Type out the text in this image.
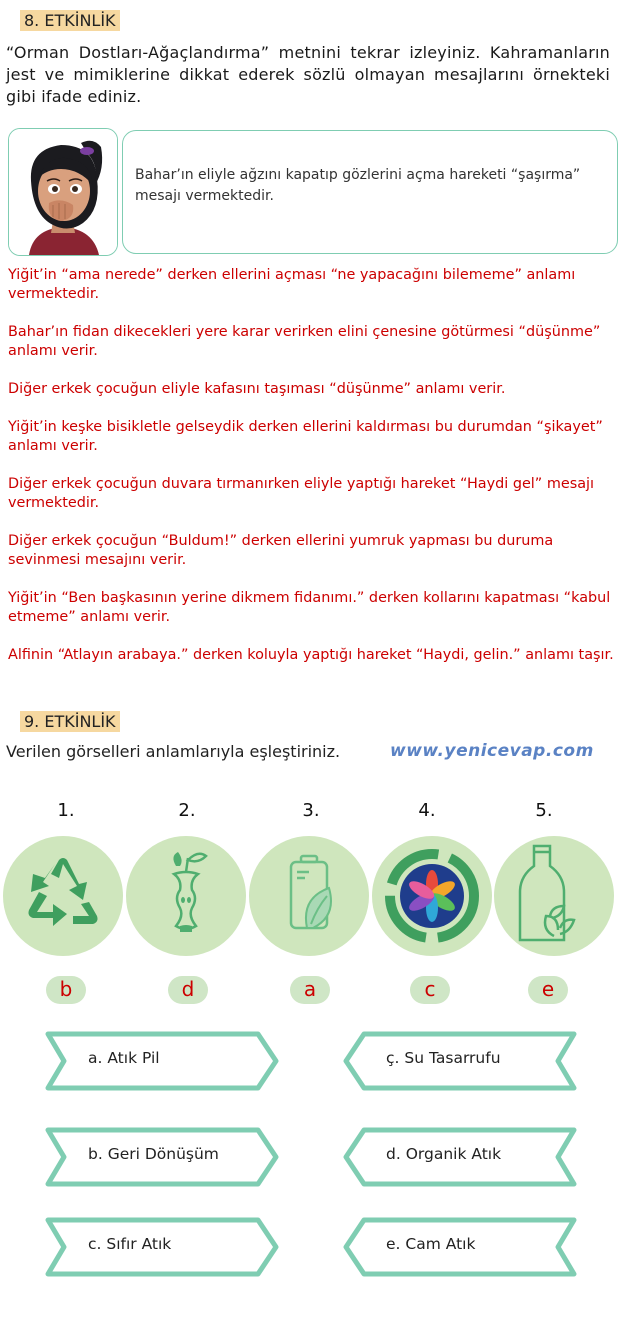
8. ETKİNLİK
“Orman Dostları-Ağaçlandırma” metnini tekrar izleyiniz. Kahramanların jest ve mimiklerine dikkat ederek sözlü olmayan mesajlarını örnekteki gibi ifade ediniz.
Bahar’ın eliyle ağzını kapatıp gözlerini açma hareketi “şaşırma” mesajı vermektedir.

Yiğit’in “ama nerede” derken ellerini açması “ne yapacağını bilememe” anlamı vermektedir.

Bahar’ın fidan dikecekleri yere karar verirken elini çenesine götürmesi “düşünme” anlamı verir.

Diğer erkek çocuğun eliyle kafasını taşıması “düşünme” anlamı verir.

Yiğit’in keşke bisikletle gelseydik derken ellerini kaldırması bu durumdan “şikayet” anlamı verir.

Diğer erkek çocuğun duvara tırmanırken eliyle yaptığı hareket “Haydi gel” mesajı vermektedir.

Diğer erkek çocuğun “Buldum!” derken ellerini yumruk yapması bu duruma sevinmesi mesajını verir.

Yiğit’in “Ben başkasının yerine dikmem fidanımı.” derken kollarını kapatması “kabul etmeme” anlamı verir.

Alfinin “Atlayın arabaya.” derken koluyla yaptığı hareket “Haydi, gelin.” anlamı taşır.

9. ETKİNLİK
Verilen görselleri anlamlarıyla eşleştiriniz.	www.yenicevap.com
1.	2.	3.	4.	5.
b	d	a	c	e
a. Atık Pil	ç. Su Tasarrufu
b. Geri Dönüşüm	d. Organik Atık
c. Sıfır Atık	e. Cam Atık
